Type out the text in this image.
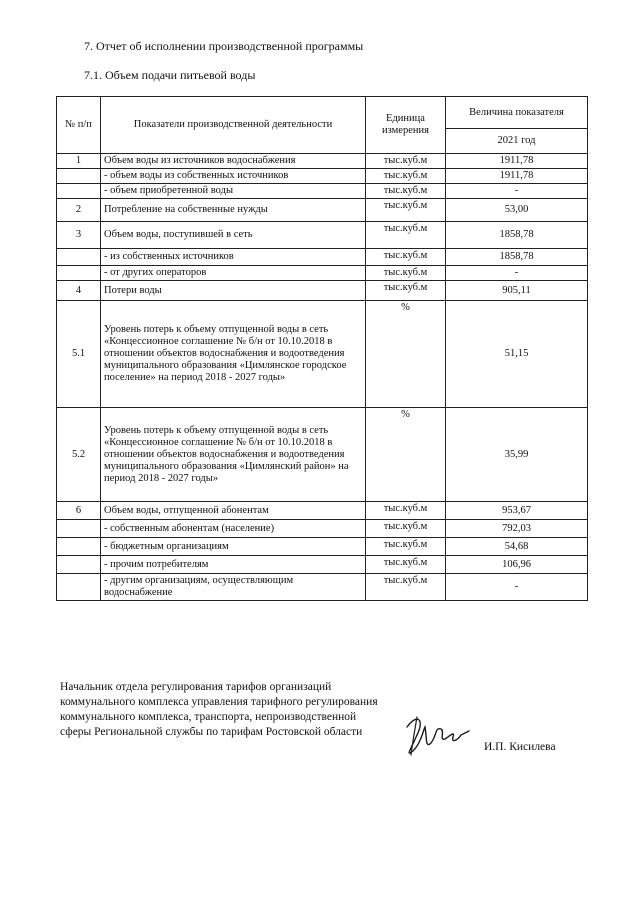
7. Отчет об исполнении производственной программы
7.1. Объем подачи питьевой воды
№ п/п	Показатели производственной деятельности	Единица измерения	Величина показателя
			2021 год
1	Объем воды из источников водоснабжения	тыс.куб.м	1911,78
	- объем воды из собственных источников	тыс.куб.м	1911,78
	- объем приобретенной воды	тыс.куб.м	-
2	Потребление на собственные нужды	тыс.куб.м	53,00
3	Объем воды, поступившей в сеть	тыс.куб.м	1858,78
	- из собственных источников	тыс.куб.м	1858,78
	- от других операторов	тыс.куб.м	-
4	Потери воды	тыс.куб.м	905,11
5.1	Уровень потерь к объему отпущенной воды в сеть «Концессионное соглашение № б/н от 10.10.2018 в отношении объектов водоснабжения и водоотведения муниципального образования «Цимлянское городское поселение» на период 2018 - 2027 годы»	%	51,15
5.2	Уровень потерь к объему отпущенной воды в сеть «Концессионное соглашение № б/н от 10.10.2018 в отношении объектов водоснабжения и водоотведения муниципального образования «Цимлянский район» на период 2018 - 2027 годы»	%	35,99
6	Объем воды, отпущенной абонентам	тыс.куб.м	953,67
	- собственным абонентам (население)	тыс.куб.м	792,03
	- бюджетным организациям	тыс.куб.м	54,68
	- прочим потребителям	тыс.куб.м	106,96
	- другим организациям, осуществляющим водоснабжение	тыс.куб.м	-
Начальник отдела регулирования тарифов организаций коммунального комплекса управления тарифного регулирования коммунального комплекса, транспорта, непроизводственной сферы Региональной службы по тарифам Ростовской области
И.П. Кисилева
